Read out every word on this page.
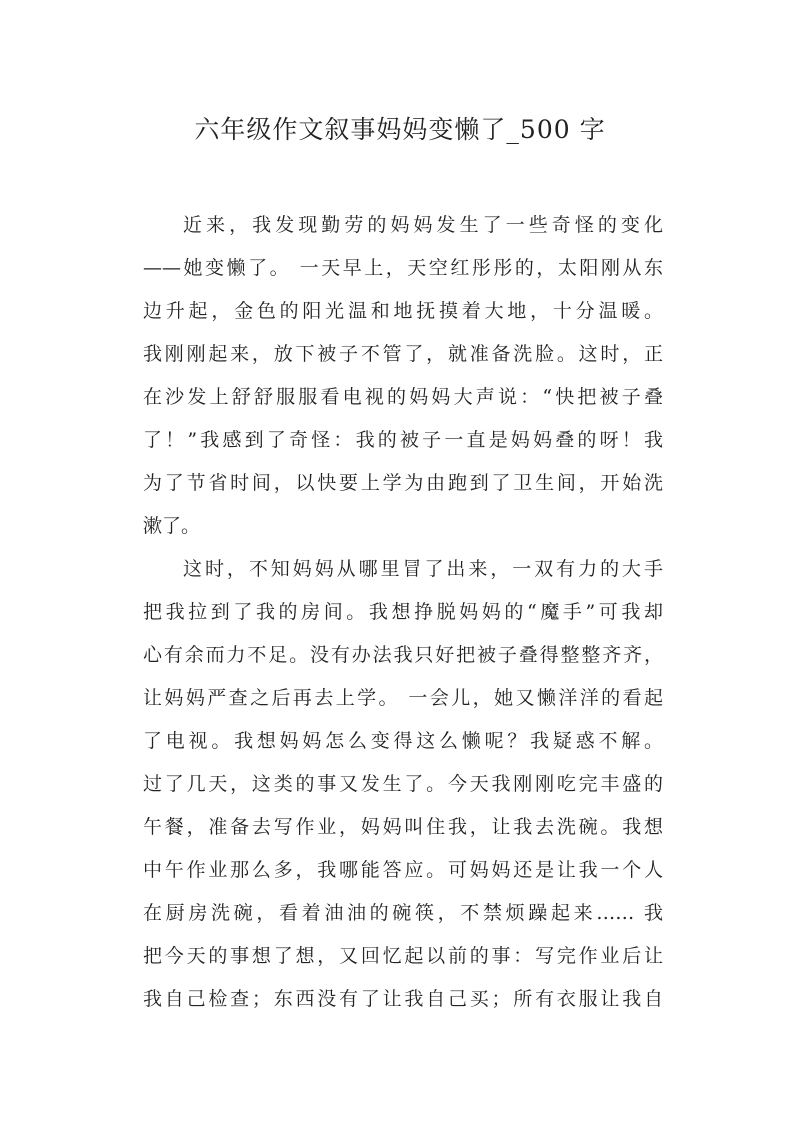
六年级作文叙事妈妈变懒了_500 字
近来，我发现勤劳的妈妈发生了一些奇怪的变化
——她变懒了。 一天早上，天空红彤彤的，太阳刚从东
边升起，金色的阳光温和地抚摸着大地，十分温暖。
我刚刚起来，放下被子不管了，就准备洗脸。这时，正
在沙发上舒舒服服看电视的妈妈大声说：“快把被子叠
了！”我感到了奇怪：我的被子一直是妈妈叠的呀！我
为了节省时间，以快要上学为由跑到了卫生间，开始洗
漱了。
这时，不知妈妈从哪里冒了出来，一双有力的大手
把我拉到了我的房间。我想挣脱妈妈的“魔手”可我却
心有余而力不足。没有办法我只好把被子叠得整整齐齐，
让妈妈严查之后再去上学。 一会儿，她又懒洋洋的看起
了电视。我想妈妈怎么变得这么懒呢？我疑惑不解。
过了几天，这类的事又发生了。今天我刚刚吃完丰盛的
午餐，准备去写作业，妈妈叫住我，让我去洗碗。我想
中午作业那么多，我哪能答应。可妈妈还是让我一个人
在厨房洗碗，看着油油的碗筷，不禁烦躁起来…… 我
把今天的事想了想，又回忆起以前的事：写完作业后让
我自己检查；东西没有了让我自己买；所有衣服让我自
